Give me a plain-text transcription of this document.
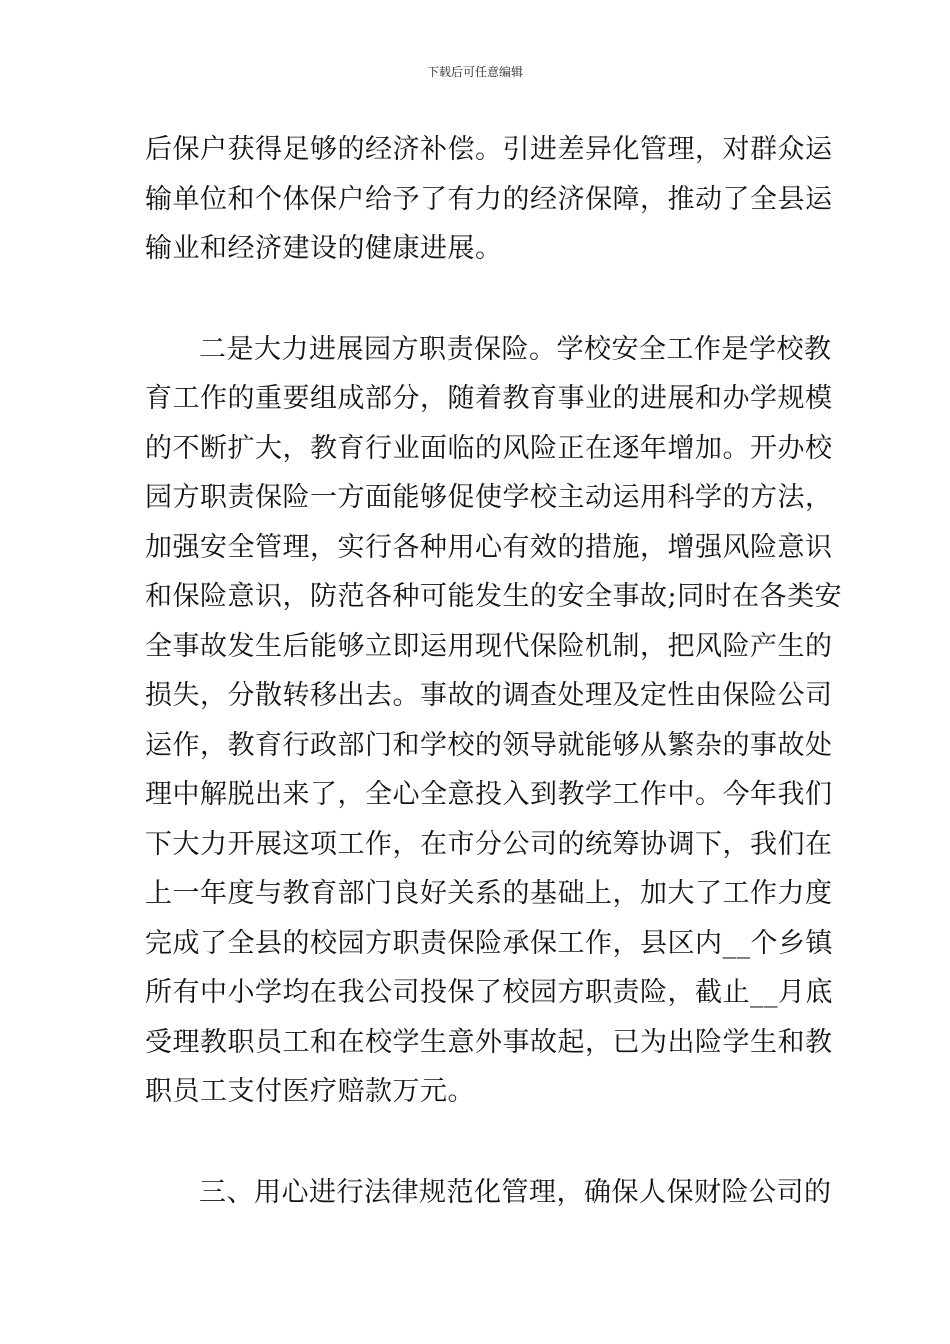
下载后可任意编辑
后保户获得足够的经济补偿。引进差异化管理，对群众运
输单位和个体保户给予了有力的经济保障，推动了全县运
输业和经济建设的健康进展。
二是大力进展园方职责保险。学校安全工作是学校教
育工作的重要组成部分，随着教育事业的进展和办学规模
的不断扩大，教育行业面临的风险正在逐年增加。开办校
园方职责保险一方面能够促使学校主动运用科学的方法，
加强安全管理，实行各种用心有效的措施，增强风险意识
和保险意识，防范各种可能发生的安全事故;同时在各类安
全事故发生后能够立即运用现代保险机制，把风险产生的
损失，分散转移出去。事故的调查处理及定性由保险公司
运作，教育行政部门和学校的领导就能够从繁杂的事故处
理中解脱出来了，全心全意投入到教学工作中。今年我们
下大力开展这项工作，在市分公司的统筹协调下，我们在
上一年度与教育部门良好关系的基础上，加大了工作力度
完成了全县的校园方职责保险承保工作，县区内__个乡镇
所有中小学均在我公司投保了校园方职责险，截止__月底
受理教职员工和在校学生意外事故起，已为出险学生和教
职员工支付医疗赔款万元。
三、用心进行法律规范化管理，确保人保财险公司的
